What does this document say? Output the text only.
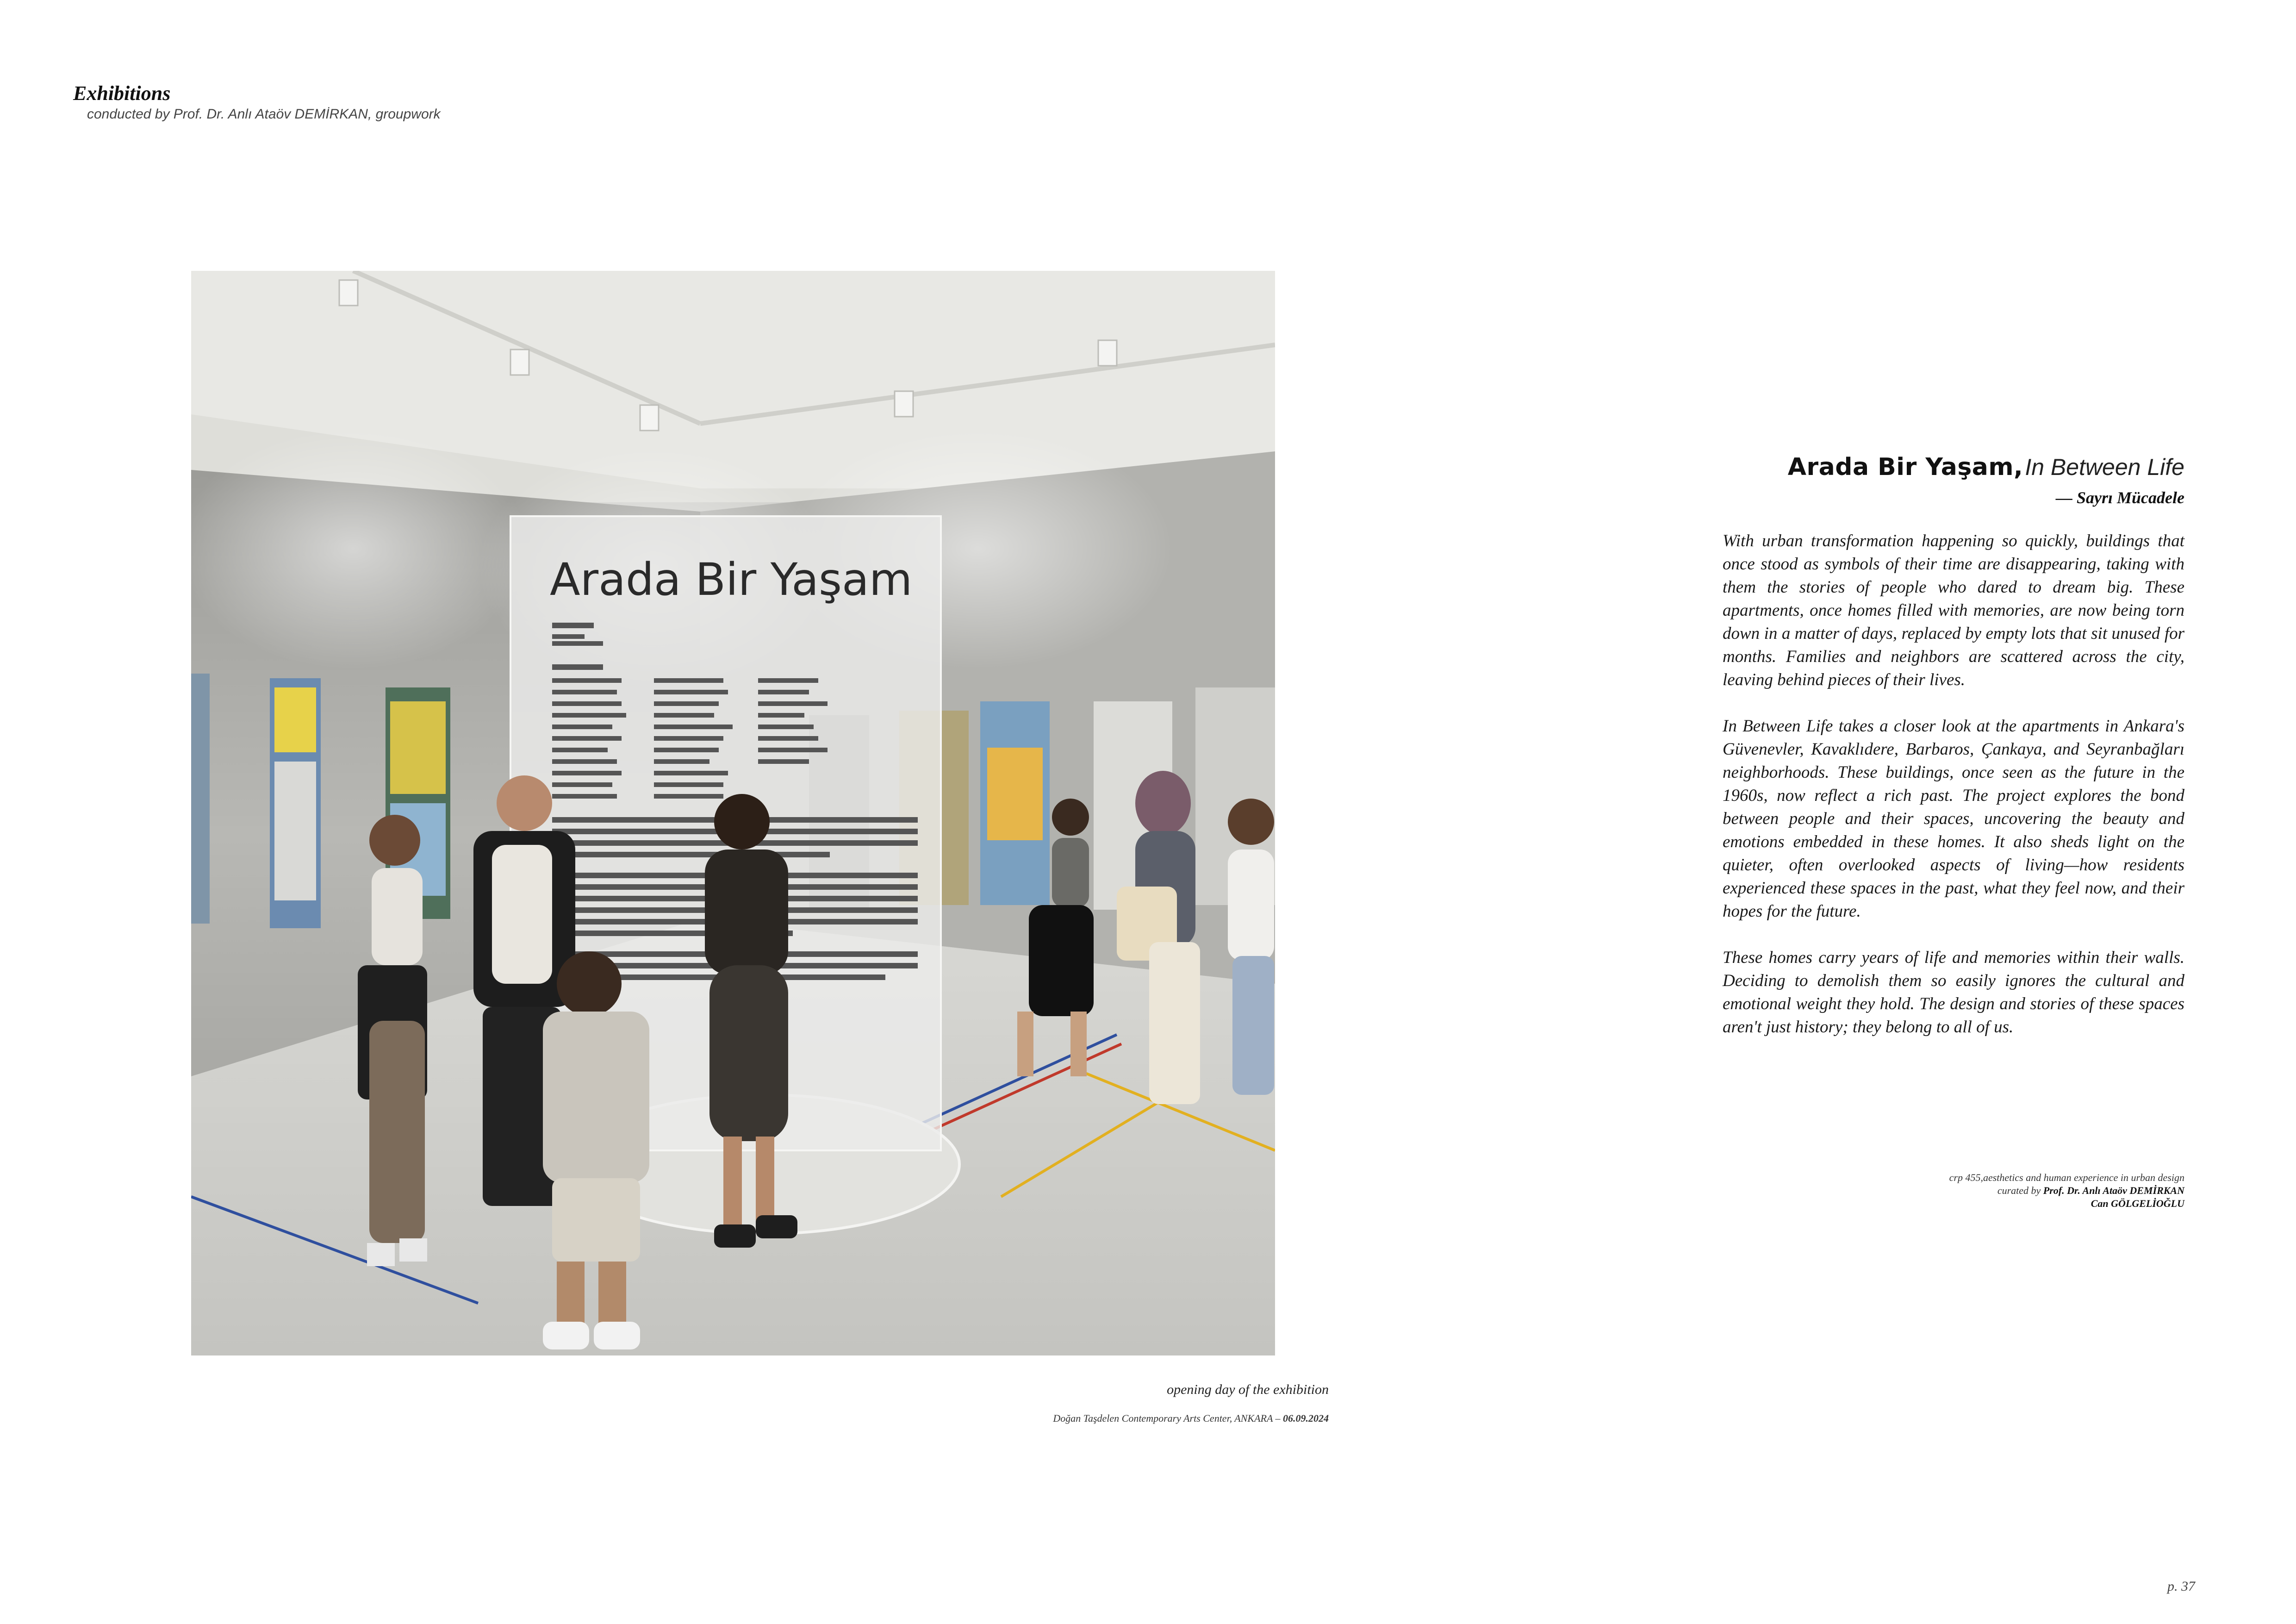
Exhibitions
conducted by Prof. Dr. Anlı Ataöv DEMİRKAN, groupwork
Arada Bir Yaşam
opening day of the exhibition
Doğan Taşdelen Contemporary Arts Center, ANKARA – 06.09.2024
Arada Bir Yaşam, In Between Life
— Sayrı Mücadele

With urban transformation happening so quickly, buildings that once stood as symbols of their time are disappearing, taking with them the stories of people who dared to dream big. These apartments, once homes filled with memories, are now being torn down in a matter of days, replaced by empty lots that sit unused for months. Families and neighbors are scattered across the city, leaving behind pieces of their lives.

In Between Life takes a closer look at the apartments in Ankara's Güvenevler, Kavaklıdere, Barbaros, Çankaya, and Seyranbağları neighborhoods. These buildings, once seen as the future in the 1960s, now reflect a rich past. The project explores the bond between people and their spaces, uncovering the beauty and emotions embedded in these homes. It also sheds light on the quieter, often overlooked aspects of living—how residents experienced these spaces in the past, what they feel now, and their hopes for the future.

These homes carry years of life and memories within their walls. Deciding to demolish them so easily ignores the cultural and emotional weight they hold. The design and stories of these spaces aren't just history; they belong to all of us.

crp 455,aesthetics and human experience in urban design
curated by Prof. Dr. Anlı Ataöv DEMİRKAN
Can GÖLGELİOĞLU
p. 37
